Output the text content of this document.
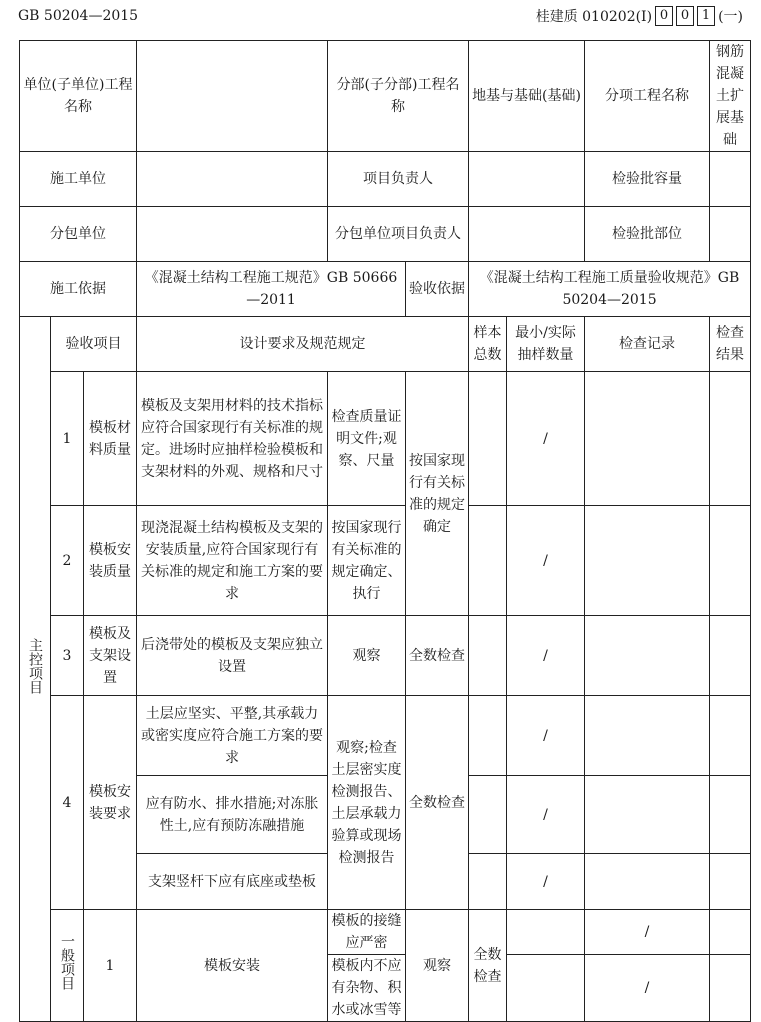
GB 50204—2015	桂建质 010202(Ⅰ) 0 0 1 (一)
单位(子单位)工程名称				分部(子分部)工程名称		地基与基础(基础)		分项工程名称	钢筋混凝土扩展基础	
施工单位				项目负责人				检验批容量		
分包单位				分包单位项目负责人				检验批部位		
施工依据			《混凝土结构工程施工规范》GB 50666—2011		验收依据	《混凝土结构工程施工质量验收规范》GB 50204—2015				
主控项目	验收项目		设计要求及规范规定			样本总数	最小/实际抽样数量	检查记录	检查结果	
	1	模板材料质量	模板及支架用材料的技术指标应符合国家现行有关标准的规定。进场时应抽样检验模板和支架材料的外观、规格和尺寸	检查质量证明文件;观察、尺量	按国家现行有关标准的规定确定		/			
	2	模板安装质量	现浇混凝土结构模板及支架的安装质量,应符合国家现行有关标准的规定和施工方案的要求	按国家现行有关标准的规定确定、执行			/			
	3	模板及支架设置	后浇带处的模板及支架应独立设置	观察	全数检查		/			
	4	模板安装要求	土层应坚实、平整,其承载力或密实度应符合施工方案的要求	观察;检查土层密实度检测报告、土层承载力验算或现场检测报告	全数检查		/			
			应有防水、排水措施;对冻胀性土,应有预防冻融措施				/			
			支架竖杆下应有底座或垫板				/			
	一般项目	1	模板安装	模板的接缝应严密	观察	全数检查		/		
				模板内不应有杂物、积水或冰雪等				/		
